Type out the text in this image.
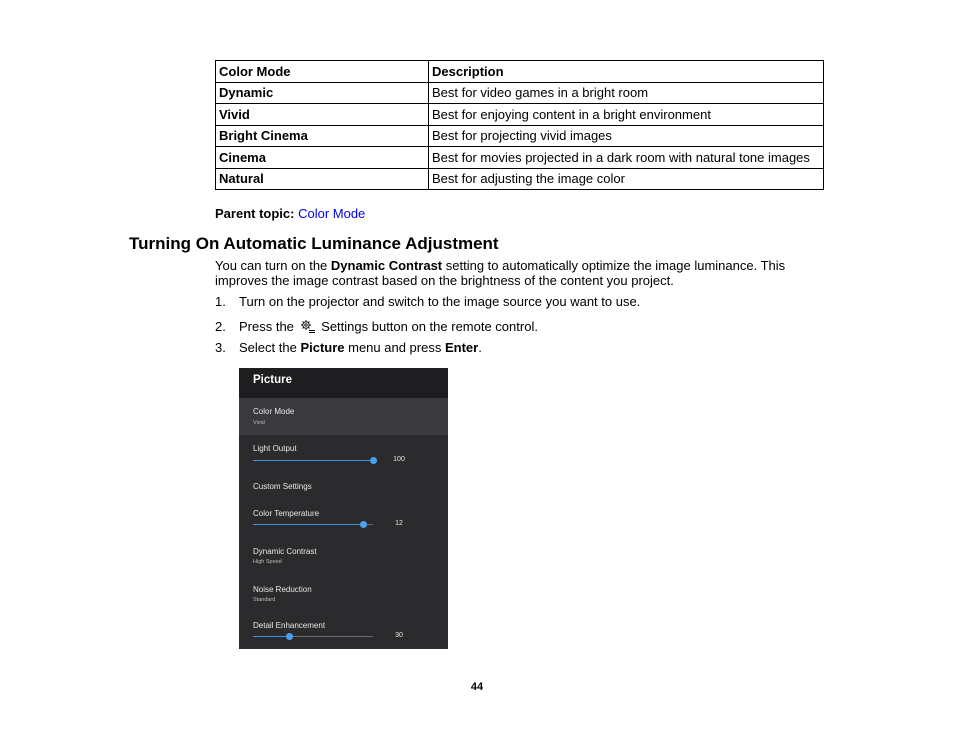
Color Mode	Description
Dynamic	Best for video games in a bright room
Vivid	Best for enjoying content in a bright environment
Bright Cinema	Best for projecting vivid images
Cinema	Best for movies projected in a dark room with natural tone images
Natural	Best for adjusting the image color
Parent topic: Color Mode
Turning On Automatic Luminance Adjustment
You can turn on the Dynamic Contrast setting to automatically optimize the image luminance. This improves the image contrast based on the brightness of the content you project.
1. Turn on the projector and switch to the image source you want to use.
2. Press the  Settings button on the remote control.
3. Select the Picture menu and press Enter.
Picture
Color Mode
Vivid
Light Output
100
Custom Settings
Color Temperature
12
Dynamic Contrast
High Speed
Noise Reduction
Standard
Detail Enhancement
30
44
